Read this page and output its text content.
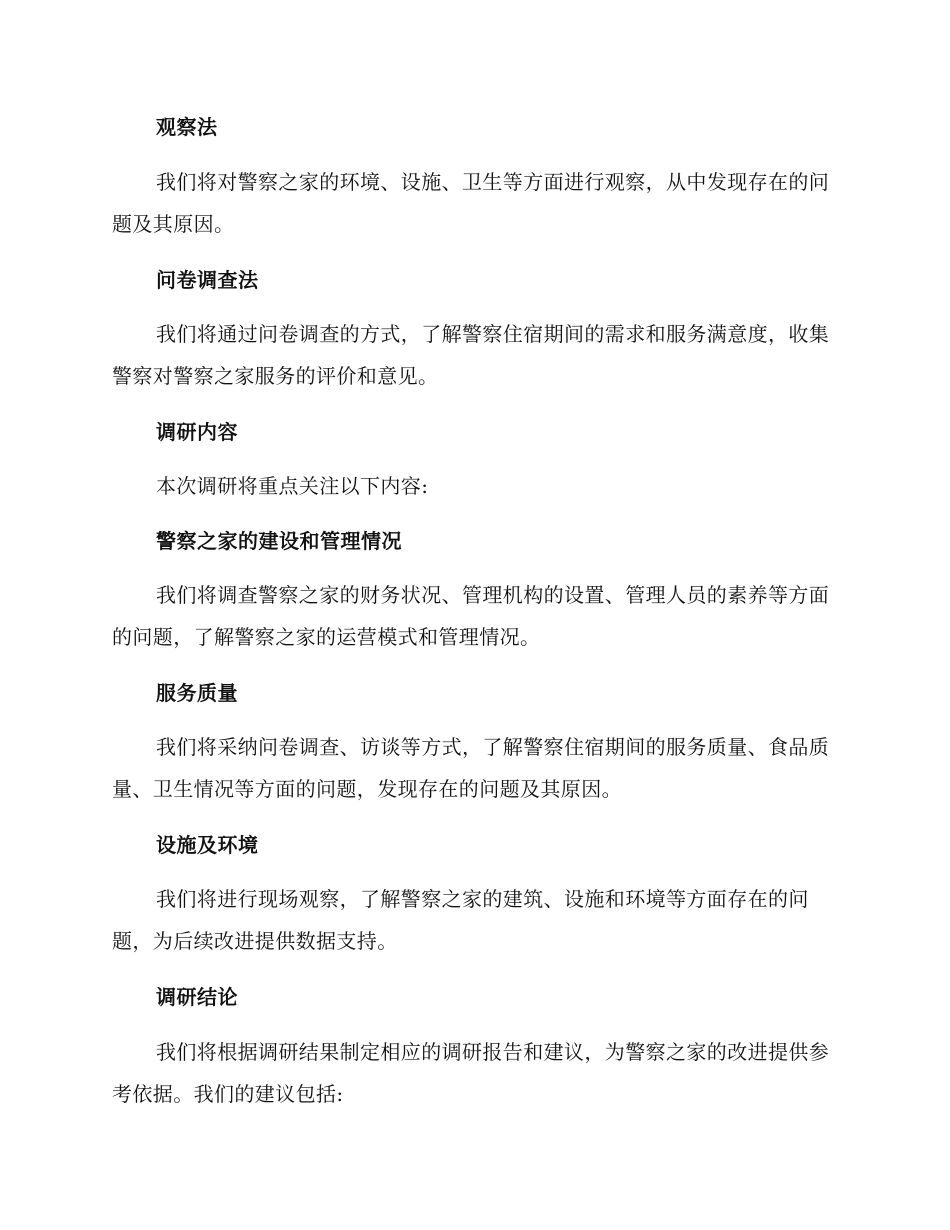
观察法

我们将对警察之家的环境、设施、卫生等方面进行观察，从中发现存在的问题及其原因。

问卷调查法

我们将通过问卷调查的方式，了解警察住宿期间的需求和服务满意度，收集警察对警察之家服务的评价和意见。

调研内容

本次调研将重点关注以下内容:

警察之家的建设和管理情况

我们将调查警察之家的财务状况、管理机构的设置、管理人员的素养等方面的问题，了解警察之家的运营模式和管理情况。

服务质量

我们将采纳问卷调查、访谈等方式，了解警察住宿期间的服务质量、食品质量、卫生情况等方面的问题，发现存在的问题及其原因。

设施及环境

我们将进行现场观察，了解警察之家的建筑、设施和环境等方面存在的问题，为后续改进提供数据支持。

调研结论

我们将根据调研结果制定相应的调研报告和建议，为警察之家的改进提供参考依据。我们的建议包括:
